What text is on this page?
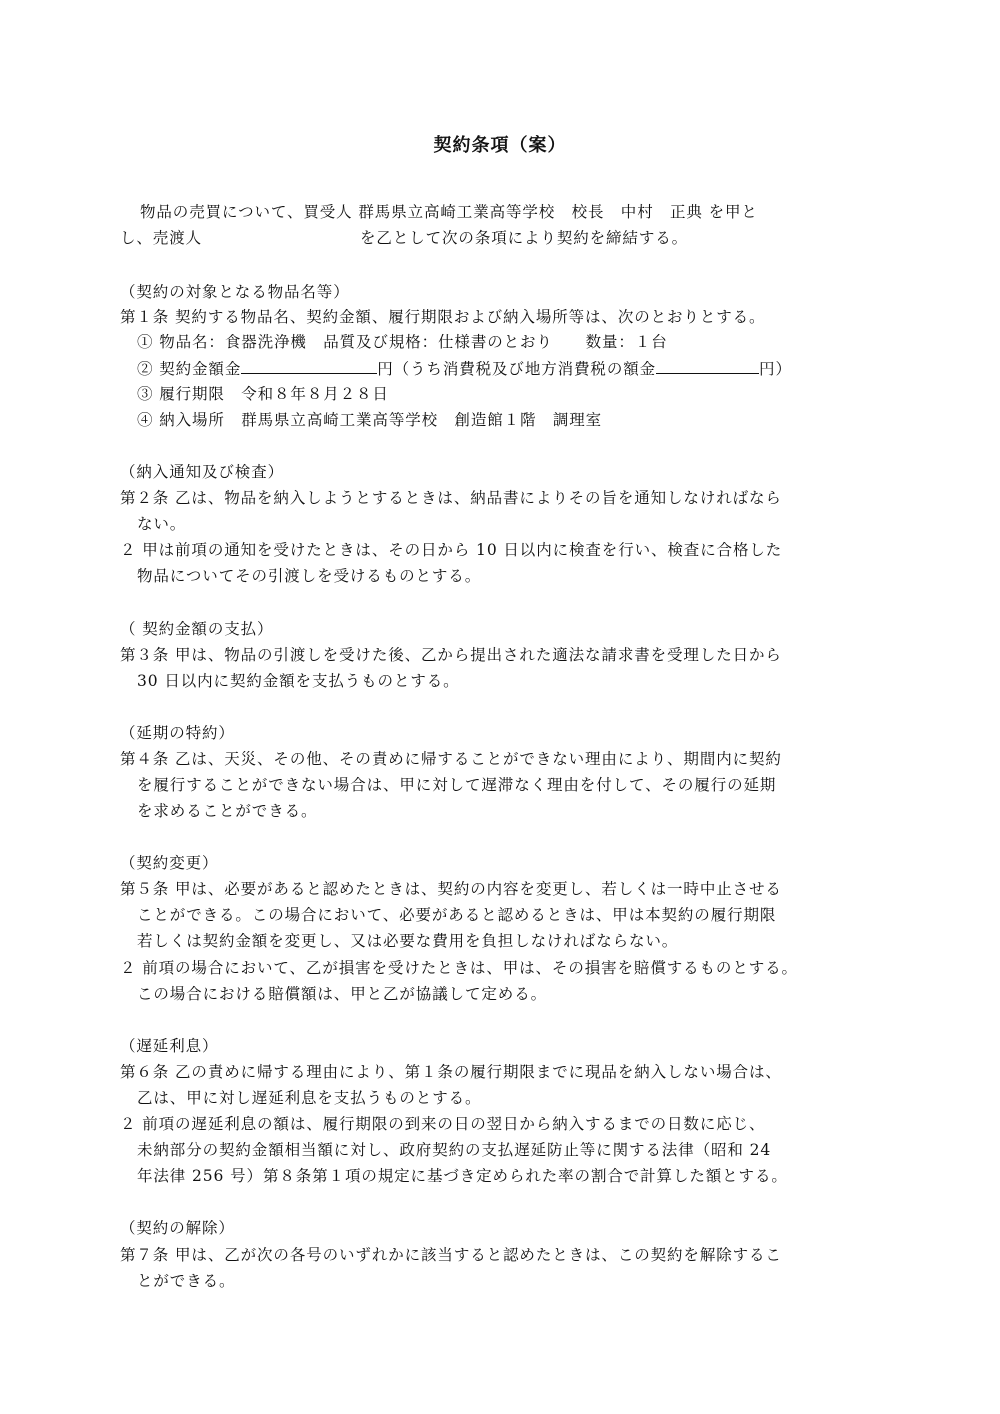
契約条項（案）
物品の売買について、買受人 群馬県立高崎工業高等学校　校長　中村　正典 を甲と
し、売渡人	を乙として次の条項により契約を締結する。
（契約の対象となる物品名等）
第１条 契約する物品名、契約金額、履行期限および納入場所等は、次のとおりとする。
① 物品名：食器洗浄機　品質及び規格：仕様書のとおり　　数量：１台
② 契約金額金	円（うち消費税及び地方消費税の額金	円）
③ 履行期限　令和８年８月２８日
④ 納入場所　群馬県立高崎工業高等学校　創造館１階　調理室
（納入通知及び検査）
第２条 乙は、物品を納入しようとするときは、納品書によりその旨を通知しなければなら
ない。
２ 甲は前項の通知を受けたときは、その日から 10 日以内に検査を行い、検査に合格した
物品についてその引渡しを受けるものとする。
（ 契約金額の支払）
第３条 甲は、物品の引渡しを受けた後、乙から提出された適法な請求書を受理した日から
30 日以内に契約金額を支払うものとする。
（延期の特約）
第４条 乙は、天災、その他、その責めに帰することができない理由により、期間内に契約
を履行することができない場合は、甲に対して遅滞なく理由を付して、その履行の延期
を求めることができる。
（契約変更）
第５条 甲は、必要があると認めたときは、契約の内容を変更し、若しくは一時中止させる
ことができる。この場合において、必要があると認めるときは、甲は本契約の履行期限
若しくは契約金額を変更し、又は必要な費用を負担しなければならない。
２ 前項の場合において、乙が損害を受けたときは、甲は、その損害を賠償するものとする。
この場合における賠償額は、甲と乙が協議して定める。
（遅延利息）
第６条 乙の責めに帰する理由により、第１条の履行期限までに現品を納入しない場合は、
乙は、甲に対し遅延利息を支払うものとする。
２ 前項の遅延利息の額は、履行期限の到来の日の翌日から納入するまでの日数に応じ、
未納部分の契約金額相当額に対し、政府契約の支払遅延防止等に関する法律（昭和 24
年法律 256 号）第８条第１項の規定に基づき定められた率の割合で計算した額とする。
（契約の解除）
第７条 甲は、乙が次の各号のいずれかに該当すると認めたときは、この契約を解除するこ
とができる。
